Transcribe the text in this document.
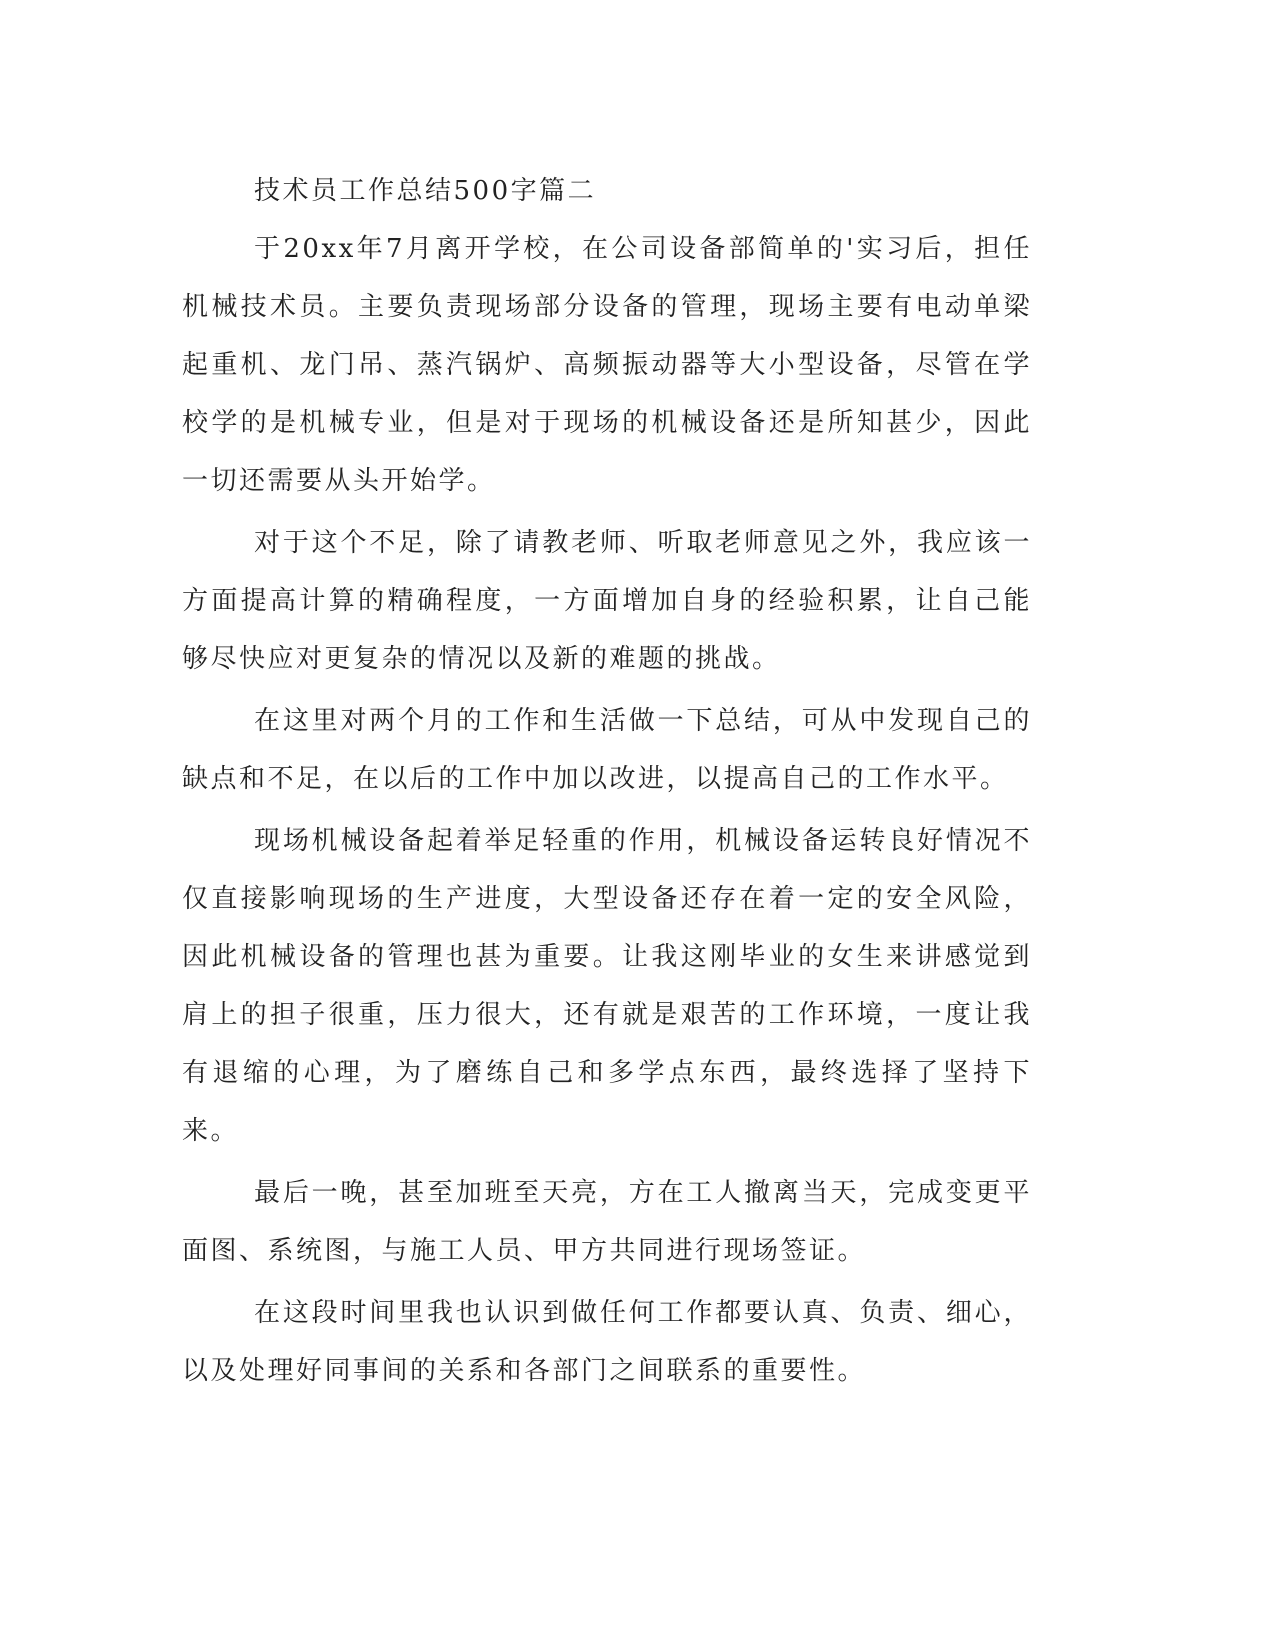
技术员工作总结500字篇二

于20xx年7月离开学校，在公司设备部简单的'实习后，担任机械技术员。主要负责现场部分设备的管理，现场主要有电动单梁起重机、龙门吊、蒸汽锅炉、高频振动器等大小型设备，尽管在学校学的是机械专业，但是对于现场的机械设备还是所知甚少，因此一切还需要从头开始学。

对于这个不足，除了请教老师、听取老师意见之外，我应该一方面提高计算的精确程度，一方面增加自身的经验积累，让自己能够尽快应对更复杂的情况以及新的难题的挑战。

在这里对两个月的工作和生活做一下总结，可从中发现自己的缺点和不足，在以后的工作中加以改进，以提高自己的工作水平。

现场机械设备起着举足轻重的作用，机械设备运转良好情况不仅直接影响现场的生产进度，大型设备还存在着一定的安全风险，因此机械设备的管理也甚为重要。让我这刚毕业的女生来讲感觉到肩上的担子很重，压力很大，还有就是艰苦的工作环境，一度让我有退缩的心理，为了磨练自己和多学点东西，最终选择了坚持下来。

最后一晚，甚至加班至天亮，方在工人撤离当天，完成变更平面图、系统图，与施工人员、甲方共同进行现场签证。

在这段时间里我也认识到做任何工作都要认真、负责、细心，以及处理好同事间的关系和各部门之间联系的重要性。
